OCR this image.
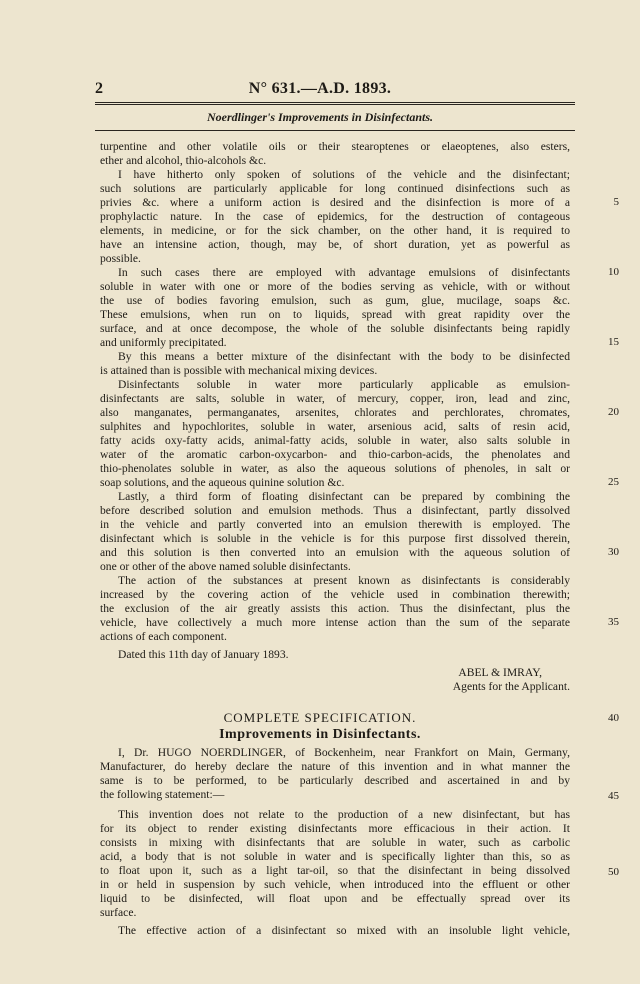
2	N° 631.—A.D. 1893.
Noerdlinger's Improvements in Disinfectants.
turpentine and other volatile oils or their stearoptenes or elaeoptenes, also esters,
ether and alcohol, thio-alcohols &c.
I have hitherto only spoken of solutions of the vehicle and the disinfectant;
such solutions are particularly applicable for long continued disinfections such as
privies &c. where a uniform action is desired and the disinfection is more of a
prophylactic nature. In the case of epidemics, for the destruction of contageous
elements, in medicine, or for the sick chamber, on the other hand, it is required to
have an intensine action, though, may be, of short duration, yet as powerful as
possible.
In such cases there are employed with advantage emulsions of disinfectants
soluble in water with one or more of the bodies serving as vehicle, with or without
the use of bodies favoring emulsion, such as gum, glue, mucilage, soaps &c.
These emulsions, when run on to liquids, spread with great rapidity over the
surface, and at once decompose, the whole of the soluble disinfectants being rapidly
and uniformly precipitated.
By this means a better mixture of the disinfectant with the body to be disinfected
is attained than is possible with mechanical mixing devices.
Disinfectants soluble in water more particularly applicable as emulsion-
disinfectants are salts, soluble in water, of mercury, copper, iron, lead and zinc,
also manganates, permanganates, arsenites, chlorates and perchlorates, chromates,
sulphites and hypochlorites, soluble in water, arsenious acid, salts of resin acid,
fatty acids oxy-fatty acids, animal-fatty acids, soluble in water, also salts soluble in
water of the aromatic carbon-oxycarbon- and thio-carbon-acids, the phenolates and
thio-phenolates soluble in water, as also the aqueous solutions of phenoles, in salt or
soap solutions, and the aqueous quinine solution &c.
Lastly, a third form of floating disinfectant can be prepared by combining the
before described solution and emulsion methods. Thus a disinfectant, partly dissolved
in the vehicle and partly converted into an emulsion therewith is employed. The
disinfectant which is soluble in the vehicle is for this purpose first dissolved therein,
and this solution is then converted into an emulsion with the aqueous solution of
one or other of the above named soluble disinfectants.
The action of the substances at present known as disinfectants is considerably
increased by the covering action of the vehicle used in combination therewith;
the exclusion of the air greatly assists this action. Thus the disinfectant, plus the
vehicle, have collectively a much more intense action than the sum of the separate
actions of each component.
Dated this 11th day of January 1893.
ABEL & IMRAY,
Agents for the Applicant.
COMPLETE SPECIFICATION.
Improvements in Disinfectants.
I, Dr. HUGO NOERDLINGER, of Bockenheim, near Frankfort on Main, Germany,
Manufacturer, do hereby declare the nature of this invention and in what manner the
same is to be performed, to be particularly described and ascertained in and by
the following statement:—
This invention does not relate to the production of a new disinfectant, but has
for its object to render existing disinfectants more efficacious in their action. It
consists in mixing with disinfectants that are soluble in water, such as carbolic
acid, a body that is not soluble in water and is specifically lighter than this, so as
to float upon it, such as a light tar-oil, so that the disinfectant in being dissolved
in or held in suspension by such vehicle, when introduced into the effluent or other
liquid to be disinfected, will float upon and be effectually spread over its
surface.
The effective action of a disinfectant so mixed with an insoluble light vehicle,
5
10
15
20
25
30
35
40
45
50
